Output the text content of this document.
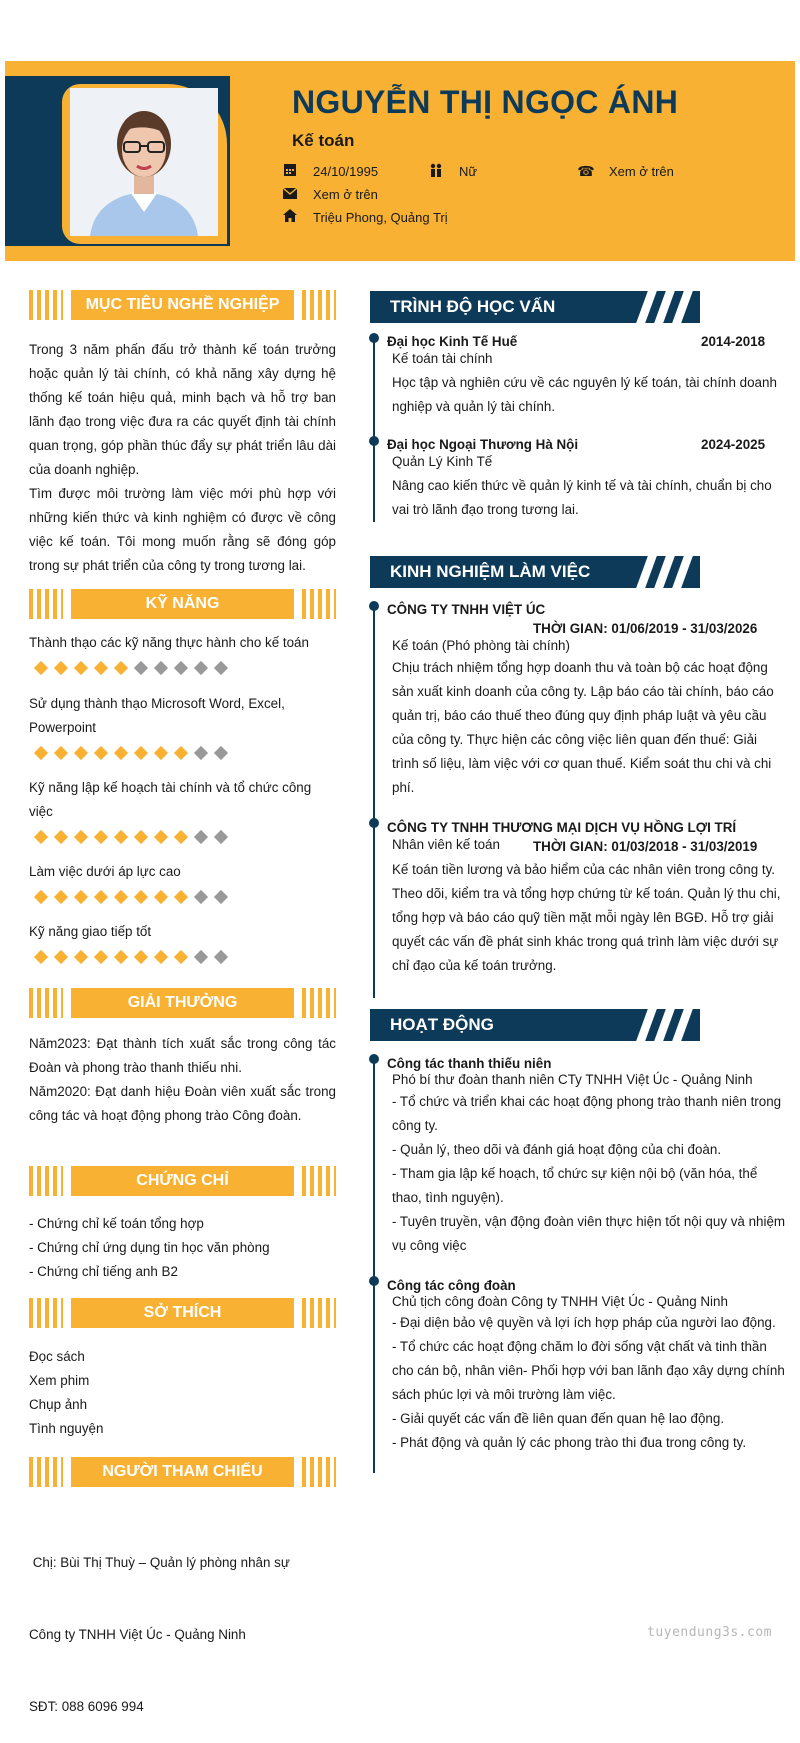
NGUYỄN THỊ NGỌC ÁNH
Kế toán
24/10/1995	Nữ	☎ Xem ở trên
Xem ở trên
Triệu Phong, Quảng Trị
MỤC TIÊU NGHỀ NGHIỆP
Trong 3 năm phấn đấu trở thành kế toán trưởng hoặc quản lý tài chính, có khả năng xây dựng hệ thống kế toán hiệu quả, minh bạch và hỗ trợ ban lãnh đạo trong việc đưa ra các quyết định tài chính quan trọng, góp phần thúc đẩy sự phát triển lâu dài của doanh nghiệp.
Tìm được môi trường làm việc mới phù hợp với những kiến thức và kinh nghiệm có được về công việc kế toán. Tôi mong muốn rằng sẽ đóng góp trong sự phát triển của công ty trong tương lai.
KỸ NĂNG
Thành thạo các kỹ năng thực hành cho kế toán
Sử dụng thành thạo Microsoft Word, Excel, Powerpoint
Kỹ năng lập kế hoạch tài chính và tổ chức công việc
Làm việc dưới áp lực cao
Kỹ năng giao tiếp tốt
GIẢI THƯỞNG
Năm2023: Đạt thành tích xuất sắc trong công tác Đoàn và phong trào thanh thiếu nhi.
Năm2020: Đạt danh hiệu Đoàn viên xuất sắc trong công tác và hoạt động phong trào Công đoàn.
CHỨNG CHỈ
- Chứng chỉ kế toán tổng hợp
- Chứng chỉ ứng dụng tin học văn phòng
- Chứng chỉ tiếng anh B2
SỞ THÍCH
Đọc sách
Xem phim
Chụp ảnh
Tình nguyện
NGƯỜI THAM CHIẾU

Chị: Bùi Thị Thuỳ – Quản lý phòng nhân sự

Công ty TNHH Việt Úc - Quảng Ninh

SĐT: 088 6096 994

TRÌNH ĐỘ HỌC VẤN
Đại học Kinh Tế Huế	2014-2018
Kế toán tài chính
Học tập và nghiên cứu về các nguyên lý kế toán, tài chính doanh nghiệp và quản lý tài chính.
Đại học Ngoại Thương Hà Nội	2024-2025
Quản Lý Kinh Tế
Nâng cao kiến thức về quản lý kinh tế và tài chính, chuẩn bị cho vai trò lãnh đạo trong tương lai.
KINH NGHIỆM LÀM VIỆC
CÔNG TY TNHH VIỆT ÚC
THỜI GIAN: 01/06/2019 - 31/03/2026
Kế toán (Phó phòng tài chính)
Chịu trách nhiệm tổng hợp doanh thu và toàn bộ các hoạt động sản xuất kinh doanh của công ty. Lập báo cáo tài chính, báo cáo quản trị, báo cáo thuế theo đúng quy định pháp luật và yêu cầu của công ty. Thực hiện các công việc liên quan đến thuế: Giải trình số liệu, làm việc với cơ quan thuế. Kiểm soát thu chi và chi phí.
CÔNG TY TNHH THƯƠNG MẠI DỊCH VỤ HỒNG LỢI TRÍ
Nhân viên kế toán THỜI GIAN: 01/03/2018 - 31/03/2019
Kế toán tiền lương và bảo hiểm của các nhân viên trong công ty. Theo dõi, kiểm tra và tổng hợp chứng từ kế toán. Quản lý thu chi, tổng hợp và báo cáo quỹ tiền mặt mỗi ngày lên BGĐ. Hỗ trợ giải quyết các vấn đề phát sinh khác trong quá trình làm việc dưới sự chỉ đạo của kế toán trưởng.
HOẠT ĐỘNG
Công tác thanh thiếu niên
Phó bí thư đoàn thanh niên CTy TNHH Việt Úc - Quảng Ninh
- Tổ chức và triển khai các hoạt động phong trào thanh niên trong công ty.
- Quản lý, theo dõi và đánh giá hoạt động của chi đoàn.
- Tham gia lập kế hoạch, tổ chức sự kiện nội bộ (văn hóa, thể thao, tình nguyện).
- Tuyên truyền, vận động đoàn viên thực hiện tốt nội quy và nhiệm vụ công việc
Công tác công đoàn
Chủ tịch công đoàn Công ty TNHH Việt Úc - Quảng Ninh
- Đại diện bảo vệ quyền và lợi ích hợp pháp của người lao động.
- Tổ chức các hoạt động chăm lo đời sống vật chất và tinh thần cho cán bộ, nhân viên- Phối hợp với ban lãnh đạo xây dựng chính sách phúc lợi và môi trường làm việc.
- Giải quyết các vấn đề liên quan đến quan hệ lao động.
- Phát động và quản lý các phong trào thi đua trong công ty.
tuyendung3s.com
